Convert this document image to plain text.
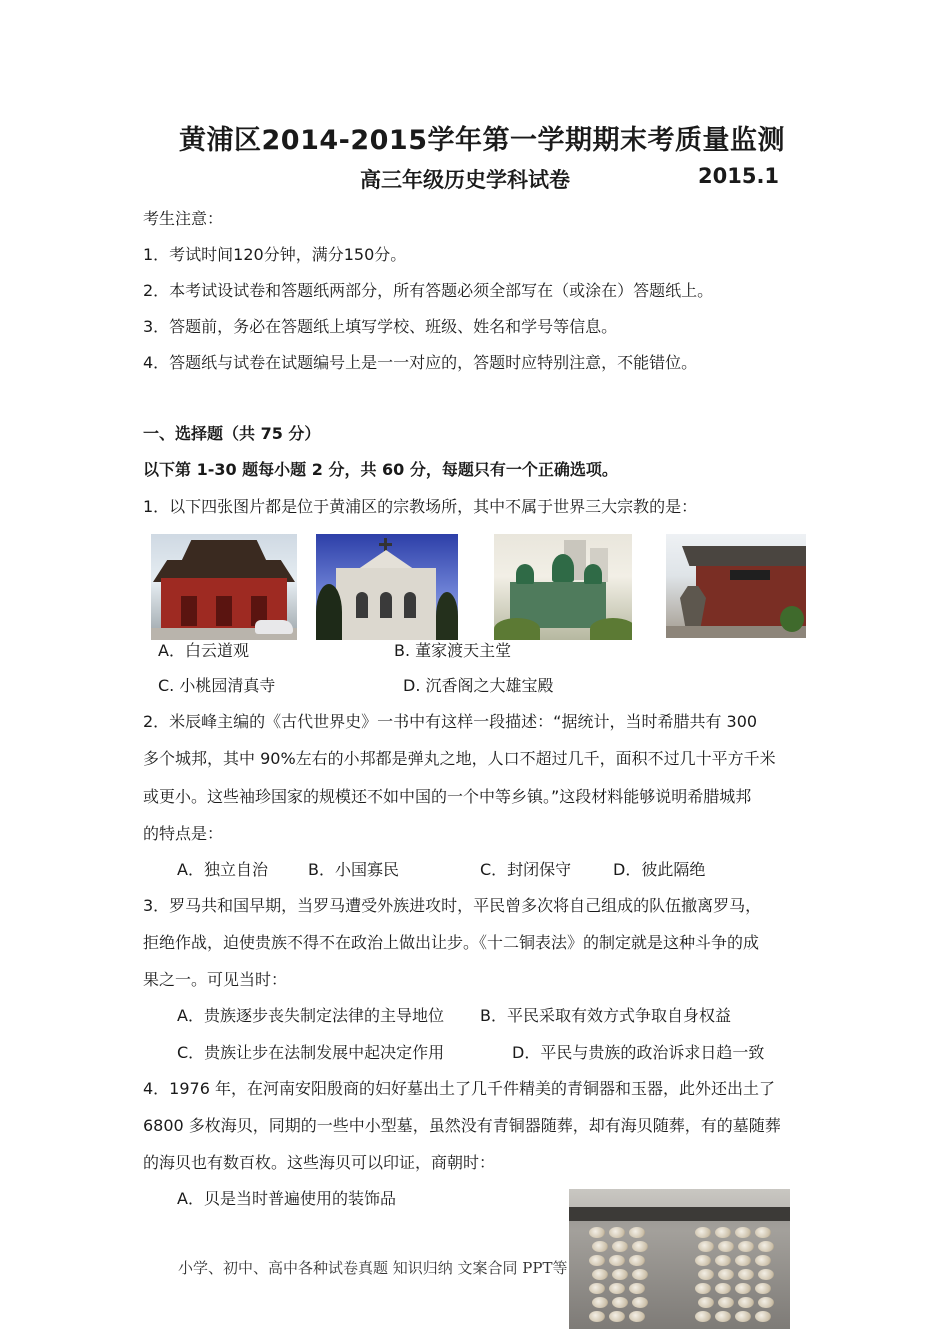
黄浦区2014-2015学年第一学期期末考质量监测
高三年级历史学科试卷	2015.1
考生注意：
1．考试时间120分钟，满分150分。
2．本考试设试卷和答题纸两部分，所有答题必须全部写在（或涂在）答题纸上。
3．答题前，务必在答题纸上填写学校、班级、姓名和学号等信息。
4．答题纸与试卷在试题编号上是一一对应的，答题时应特别注意，不能错位。
一、选择题（共 75 分）
以下第 1-30 题每小题 2 分，共 60 分，每题只有一个正确选项。
1．以下四张图片都是位于黄浦区的宗教场所，其中不属于世界三大宗教的是：
A．白云道观	B. 董家渡天主堂
C. 小桃园清真寺	D. 沉香阁之大雄宝殿
2．米辰峰主编的《古代世界史》一书中有这样一段描述：“据统计，当时希腊共有 300
多个城邦，其中 90%左右的小邦都是弹丸之地，人口不超过几千，面积不过几十平方千米
或更小。这些袖珍国家的规模还不如中国的一个中等乡镇。”这段材料能够说明希腊城邦
的特点是：
A．独立自治	B．小国寡民	C．封闭保守	D．彼此隔绝
3．罗马共和国早期，当罗马遭受外族进攻时，平民曾多次将自己组成的队伍撤离罗马，
拒绝作战，迫使贵族不得不在政治上做出让步。《十二铜表法》的制定就是这种斗争的成
果之一。可见当时：
A．贵族逐步丧失制定法律的主导地位 B．平民采取有效方式争取自身权益
C．贵族让步在法制发展中起决定作用	D．平民与贵族的政治诉求日趋一致
4．1976 年，在河南安阳殷商的妇好墓出土了几千件精美的青铜器和玉器，此外还出土了
6800 多枚海贝，同期的一些中小型墓，虽然没有青铜器随葬，却有海贝随葬，有的墓随葬
的海贝也有数百枚。这些海贝可以印证，商朝时：
A．贝是当时普遍使用的装饰品
小学、初中、高中各种试卷真题 知识归纳 文案合同 PPT等
